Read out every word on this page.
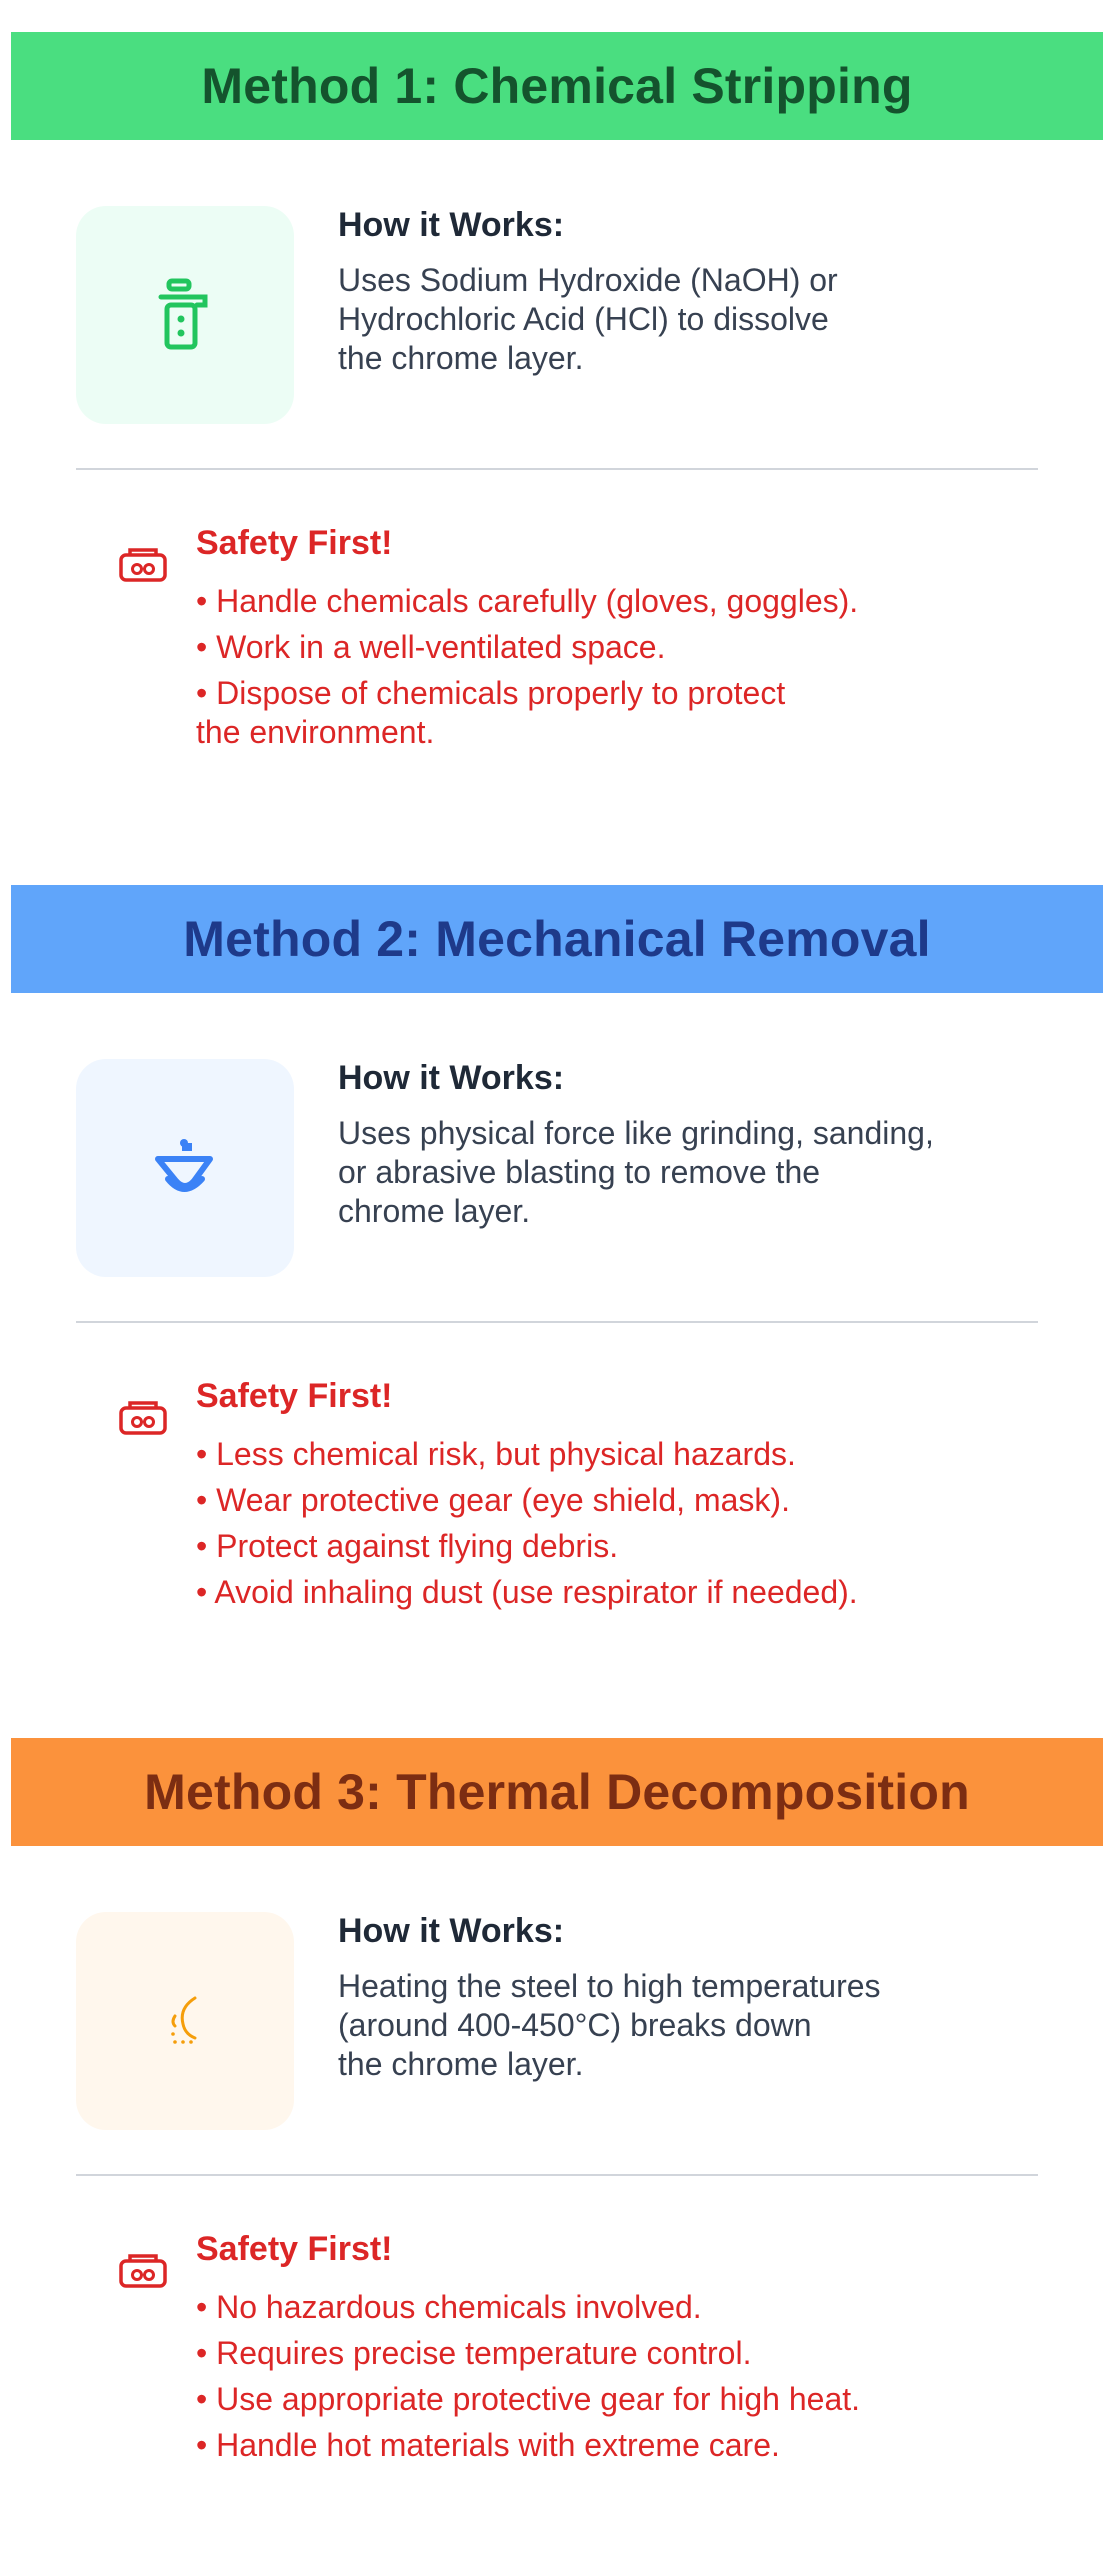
Method 1: Chemical Stripping
How it Works:
Uses Sodium Hydroxide (NaOH) or
Hydrochloric Acid (HCl) to dissolve
the chrome layer.
Safety First!
• Handle chemicals carefully (gloves, goggles).
• Work in a well-ventilated space.
• Dispose of chemicals properly to protect
the environment.
Method 2: Mechanical Removal
How it Works:
Uses physical force like grinding, sanding,
or abrasive blasting to remove the
chrome layer.
Safety First!
• Less chemical risk, but physical hazards.
• Wear protective gear (eye shield, mask).
• Protect against flying debris.
• Avoid inhaling dust (use respirator if needed).
Method 3: Thermal Decomposition
How it Works:
Heating the steel to high temperatures
(around 400-450°C) breaks down
the chrome layer.
Safety First!
• No hazardous chemicals involved.
• Requires precise temperature control.
• Use appropriate protective gear for high heat.
• Handle hot materials with extreme care.
